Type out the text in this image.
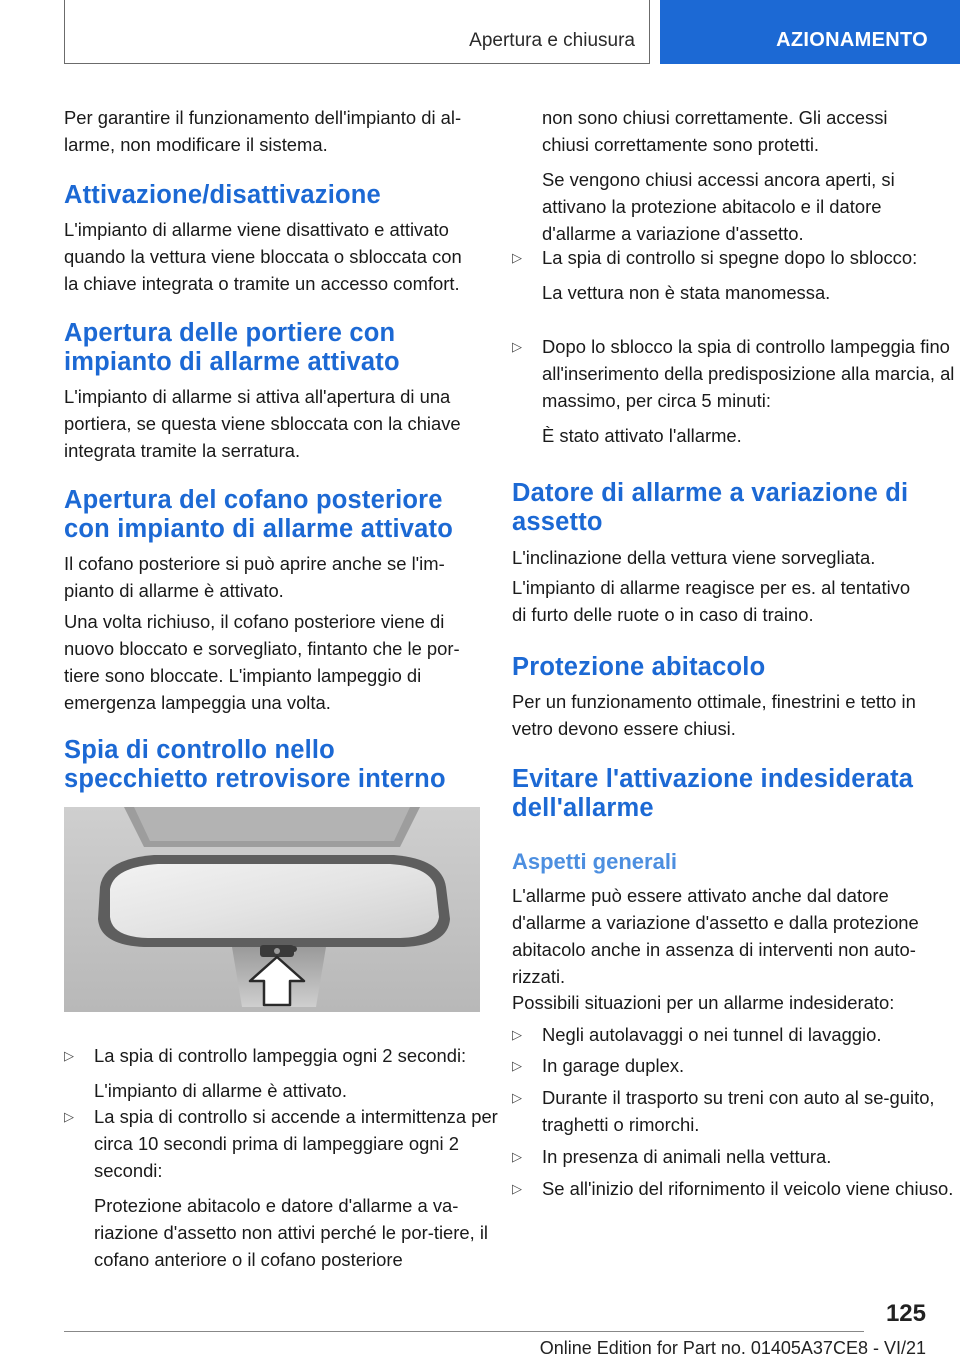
Apertura e chiusura	AZIONAMENTO

Per garantire il funzionamento dell'impianto di al-larme, non modificare il sistema.

Attivazione/disattivazione

L'impianto di allarme viene disattivato e attivato quando la vettura viene bloccata o sbloccata con la chiave integrata o tramite un accesso comfort.

Apertura delle portiere con
impianto di allarme attivato

L'impianto di allarme si attiva all'apertura di una portiera, se questa viene sbloccata con la chiave integrata tramite la serratura.

Apertura del cofano posteriore
con impianto di allarme attivato

Il cofano posteriore si può aprire anche se l'im-pianto di allarme è attivato.

Una volta richiuso, il cofano posteriore viene di nuovo bloccato e sorvegliato, fintanto che le por-tiere sono bloccate. L'impianto lampeggio di emergenza lampeggia una volta.

Spia di controllo nello
specchietto retrovisore interno
▷ La spia di controllo lampeggia ogni 2 secondi:

L'impianto di allarme è attivato.

▷ La spia di controllo si accende a intermittenza per circa 10 secondi prima di lampeggiare ogni 2 secondi:

Protezione abitacolo e datore d'allarme a va-riazione d'assetto non attivi perché le por-tiere, il cofano anteriore o il cofano posteriore

non sono chiusi correttamente. Gli accessi chiusi correttamente sono protetti.

Se vengono chiusi accessi ancora aperti, si attivano la protezione abitacolo e il datore d'allarme a variazione d'assetto.

▷ La spia di controllo si spegne dopo lo sblocco:

La vettura non è stata manomessa.

▷ Dopo lo sblocco la spia di controllo lampeggia fino all'inserimento della predisposizione alla marcia, al massimo, per circa 5 minuti:

È stato attivato l'allarme.

Datore di allarme a variazione di
assetto

L'inclinazione della vettura viene sorvegliata.

L'impianto di allarme reagisce per es. al tentativo di furto delle ruote o in caso di traino.

Protezione abitacolo

Per un funzionamento ottimale, finestrini e tetto in vetro devono essere chiusi.

Evitare l'attivazione indesiderata
dell'allarme
Aspetti generali

L'allarme può essere attivato anche dal datore d'allarme a variazione d'assetto e dalla protezione abitacolo anche in assenza di interventi non auto-rizzati.

Possibili situazioni per un allarme indesiderato:

▷ Negli autolavaggi o nei tunnel di lavaggio.

▷ In garage duplex.

▷ Durante il trasporto su treni con auto al se-guito, traghetti o rimorchi.

▷ In presenza di animali nella vettura.

▷ Se all'inizio del rifornimento il veicolo viene chiuso.

125
Online Edition for Part no. 01405A37CE8 - VI/21
